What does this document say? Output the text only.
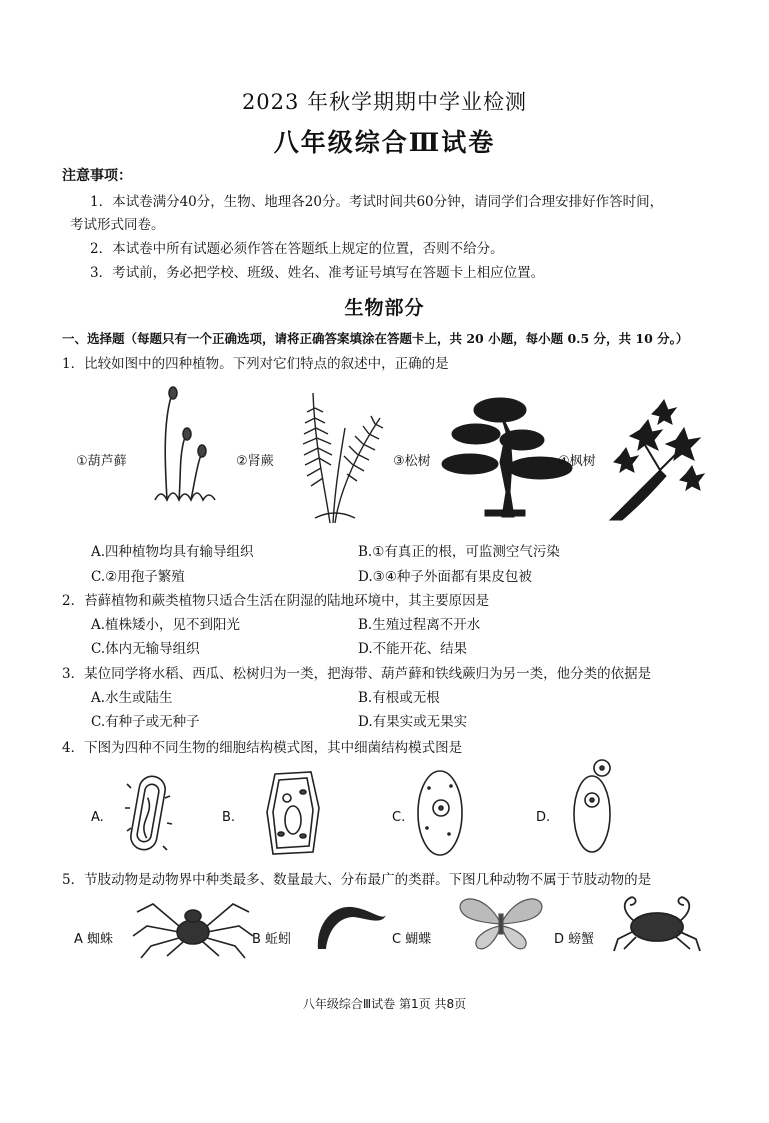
2023 年秋学期期中学业检测
八年级综合Ⅲ试卷
注意事项：
1．本试卷满分40分，生物、地理各20分。考试时间共60分钟，请同学们合理安排好作答时间，
考试形式同卷。
2．本试卷中所有试题必须作答在答题纸上规定的位置，否则不给分。
3．考试前，务必把学校、班级、姓名、准考证号填写在答题卡上相应位置。
生物部分
一、选择题（每题只有一个正确选项，请将正确答案填涂在答题卡上，共 20 小题，每小题 0.5 分，共 10 分。）
1．比较如图中的四种植物。下列对它们特点的叙述中，正确的是
①葫芦藓	②肾蕨	③松树	④枫树
A.四种植物均具有输导组织	B.①有真正的根，可监测空气污染
C.②用孢子繁殖	D.③④种子外面都有果皮包被
2．苔藓植物和蕨类植物只适合生活在阴湿的陆地环境中，其主要原因是
A.植株矮小，见不到阳光	B.生殖过程离不开水
C.体内无输导组织	D.不能开花、结果
3．某位同学将水稻、西瓜、松树归为一类，把海带、葫芦藓和铁线蕨归为另一类，他分类的依据是
A.水生或陆生	B.有根或无根
C.有种子或无种子	D.有果实或无果实
4．下图为四种不同生物的细胞结构模式图，其中细菌结构模式图是
A.	B.	C.	D.
5．节肢动物是动物界中种类最多、数量最大、分布最广的类群。下图几种动物不属于节肢动物的是
A 蜘蛛	B 蚯蚓	C 蝴蝶	D 螃蟹
八年级综合Ⅲ试卷 第1页 共8页
